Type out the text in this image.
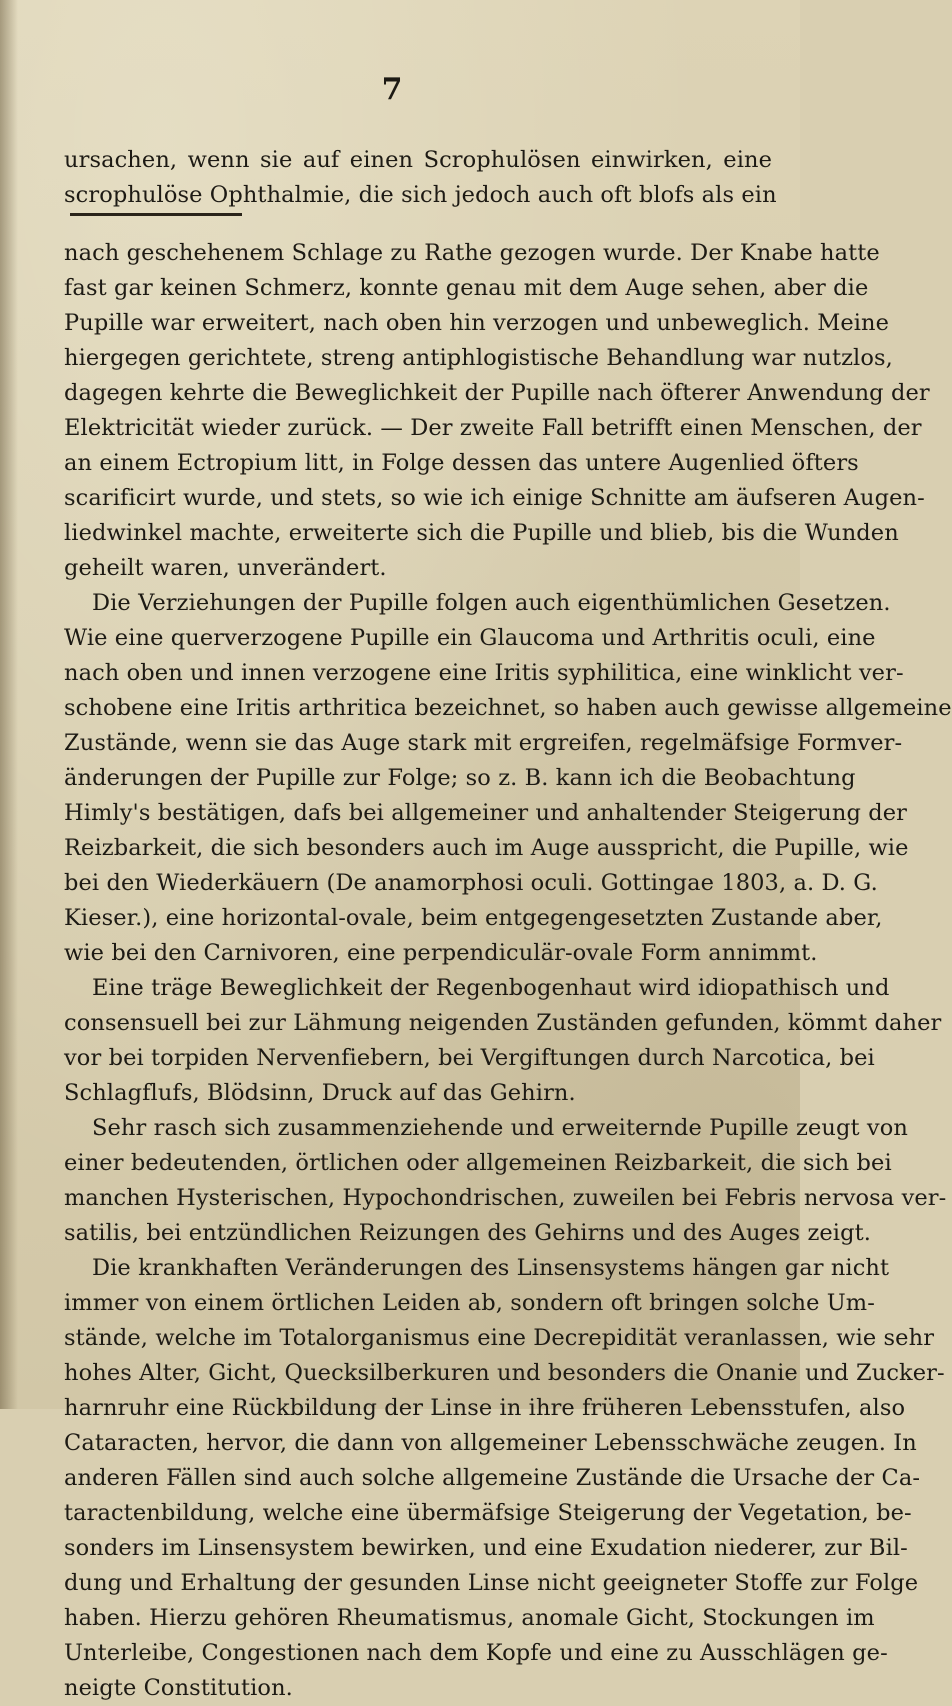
7
ursachen, wenn sie auf einen Scrophulösen einwirken, eine
scrophulöse Ophthalmie, die sich jedoch auch oft blofs als ein
nach geschehenem Schlage zu Rathe gezogen wurde. Der Knabe hatte
fast gar keinen Schmerz, konnte genau mit dem Auge sehen, aber die
Pupille war erweitert, nach oben hin verzogen und unbeweglich. Meine
hiergegen gerichtete, streng antiphlogistische Behandlung war nutzlos,
dagegen kehrte die Beweglichkeit der Pupille nach öfterer Anwendung der
Elektricität wieder zurück. — Der zweite Fall betrifft einen Menschen, der
an einem Ectropium litt, in Folge dessen das untere Augenlied öfters
scarificirt wurde, und stets, so wie ich einige Schnitte am äufseren Augen-
liedwinkel machte, erweiterte sich die Pupille und blieb, bis die Wunden
geheilt waren, unverändert.
Die Verziehungen der Pupille folgen auch eigenthümlichen Gesetzen.
Wie eine querverzogene Pupille ein Glaucoma und Arthritis oculi, eine
nach oben und innen verzogene eine Iritis syphilitica, eine winklicht ver-
schobene eine Iritis arthritica bezeichnet, so haben auch gewisse allgemeine
Zustände, wenn sie das Auge stark mit ergreifen, regelmäfsige Formver-
änderungen der Pupille zur Folge; so z. B. kann ich die Beobachtung
Himly's bestätigen, dafs bei allgemeiner und anhaltender Steigerung der
Reizbarkeit, die sich besonders auch im Auge ausspricht, die Pupille, wie
bei den Wiederkäuern (De anamorphosi oculi. Gottingae 1803, a. D. G.
Kieser.), eine horizontal-ovale, beim entgegengesetzten Zustande aber,
wie bei den Carnivoren, eine perpendiculär-ovale Form annimmt.
Eine träge Beweglichkeit der Regenbogenhaut wird idiopathisch und
consensuell bei zur Lähmung neigenden Zuständen gefunden, kömmt daher
vor bei torpiden Nervenfiebern, bei Vergiftungen durch Narcotica, bei
Schlagflufs, Blödsinn, Druck auf das Gehirn.
Sehr rasch sich zusammenziehende und erweiternde Pupille zeugt von
einer bedeutenden, örtlichen oder allgemeinen Reizbarkeit, die sich bei
manchen Hysterischen, Hypochondrischen, zuweilen bei Febris nervosa ver-
satilis, bei entzündlichen Reizungen des Gehirns und des Auges zeigt.
Die krankhaften Veränderungen des Linsensystems hängen gar nicht
immer von einem örtlichen Leiden ab, sondern oft bringen solche Um-
stände, welche im Totalorganismus eine Decrepidität veranlassen, wie sehr
hohes Alter, Gicht, Quecksilberkuren und besonders die Onanie und Zucker-
harnruhr eine Rückbildung der Linse in ihre früheren Lebensstufen, also
Cataracten, hervor, die dann von allgemeiner Lebensschwäche zeugen. In
anderen Fällen sind auch solche allgemeine Zustände die Ursache der Ca-
taractenbildung, welche eine übermäfsige Steigerung der Vegetation, be-
sonders im Linsensystem bewirken, und eine Exudation niederer, zur Bil-
dung und Erhaltung der gesunden Linse nicht geeigneter Stoffe zur Folge
haben. Hierzu gehören Rheumatismus, anomale Gicht, Stockungen im
Unterleibe, Congestionen nach dem Kopfe und eine zu Ausschlägen ge-
neigte Constitution.
